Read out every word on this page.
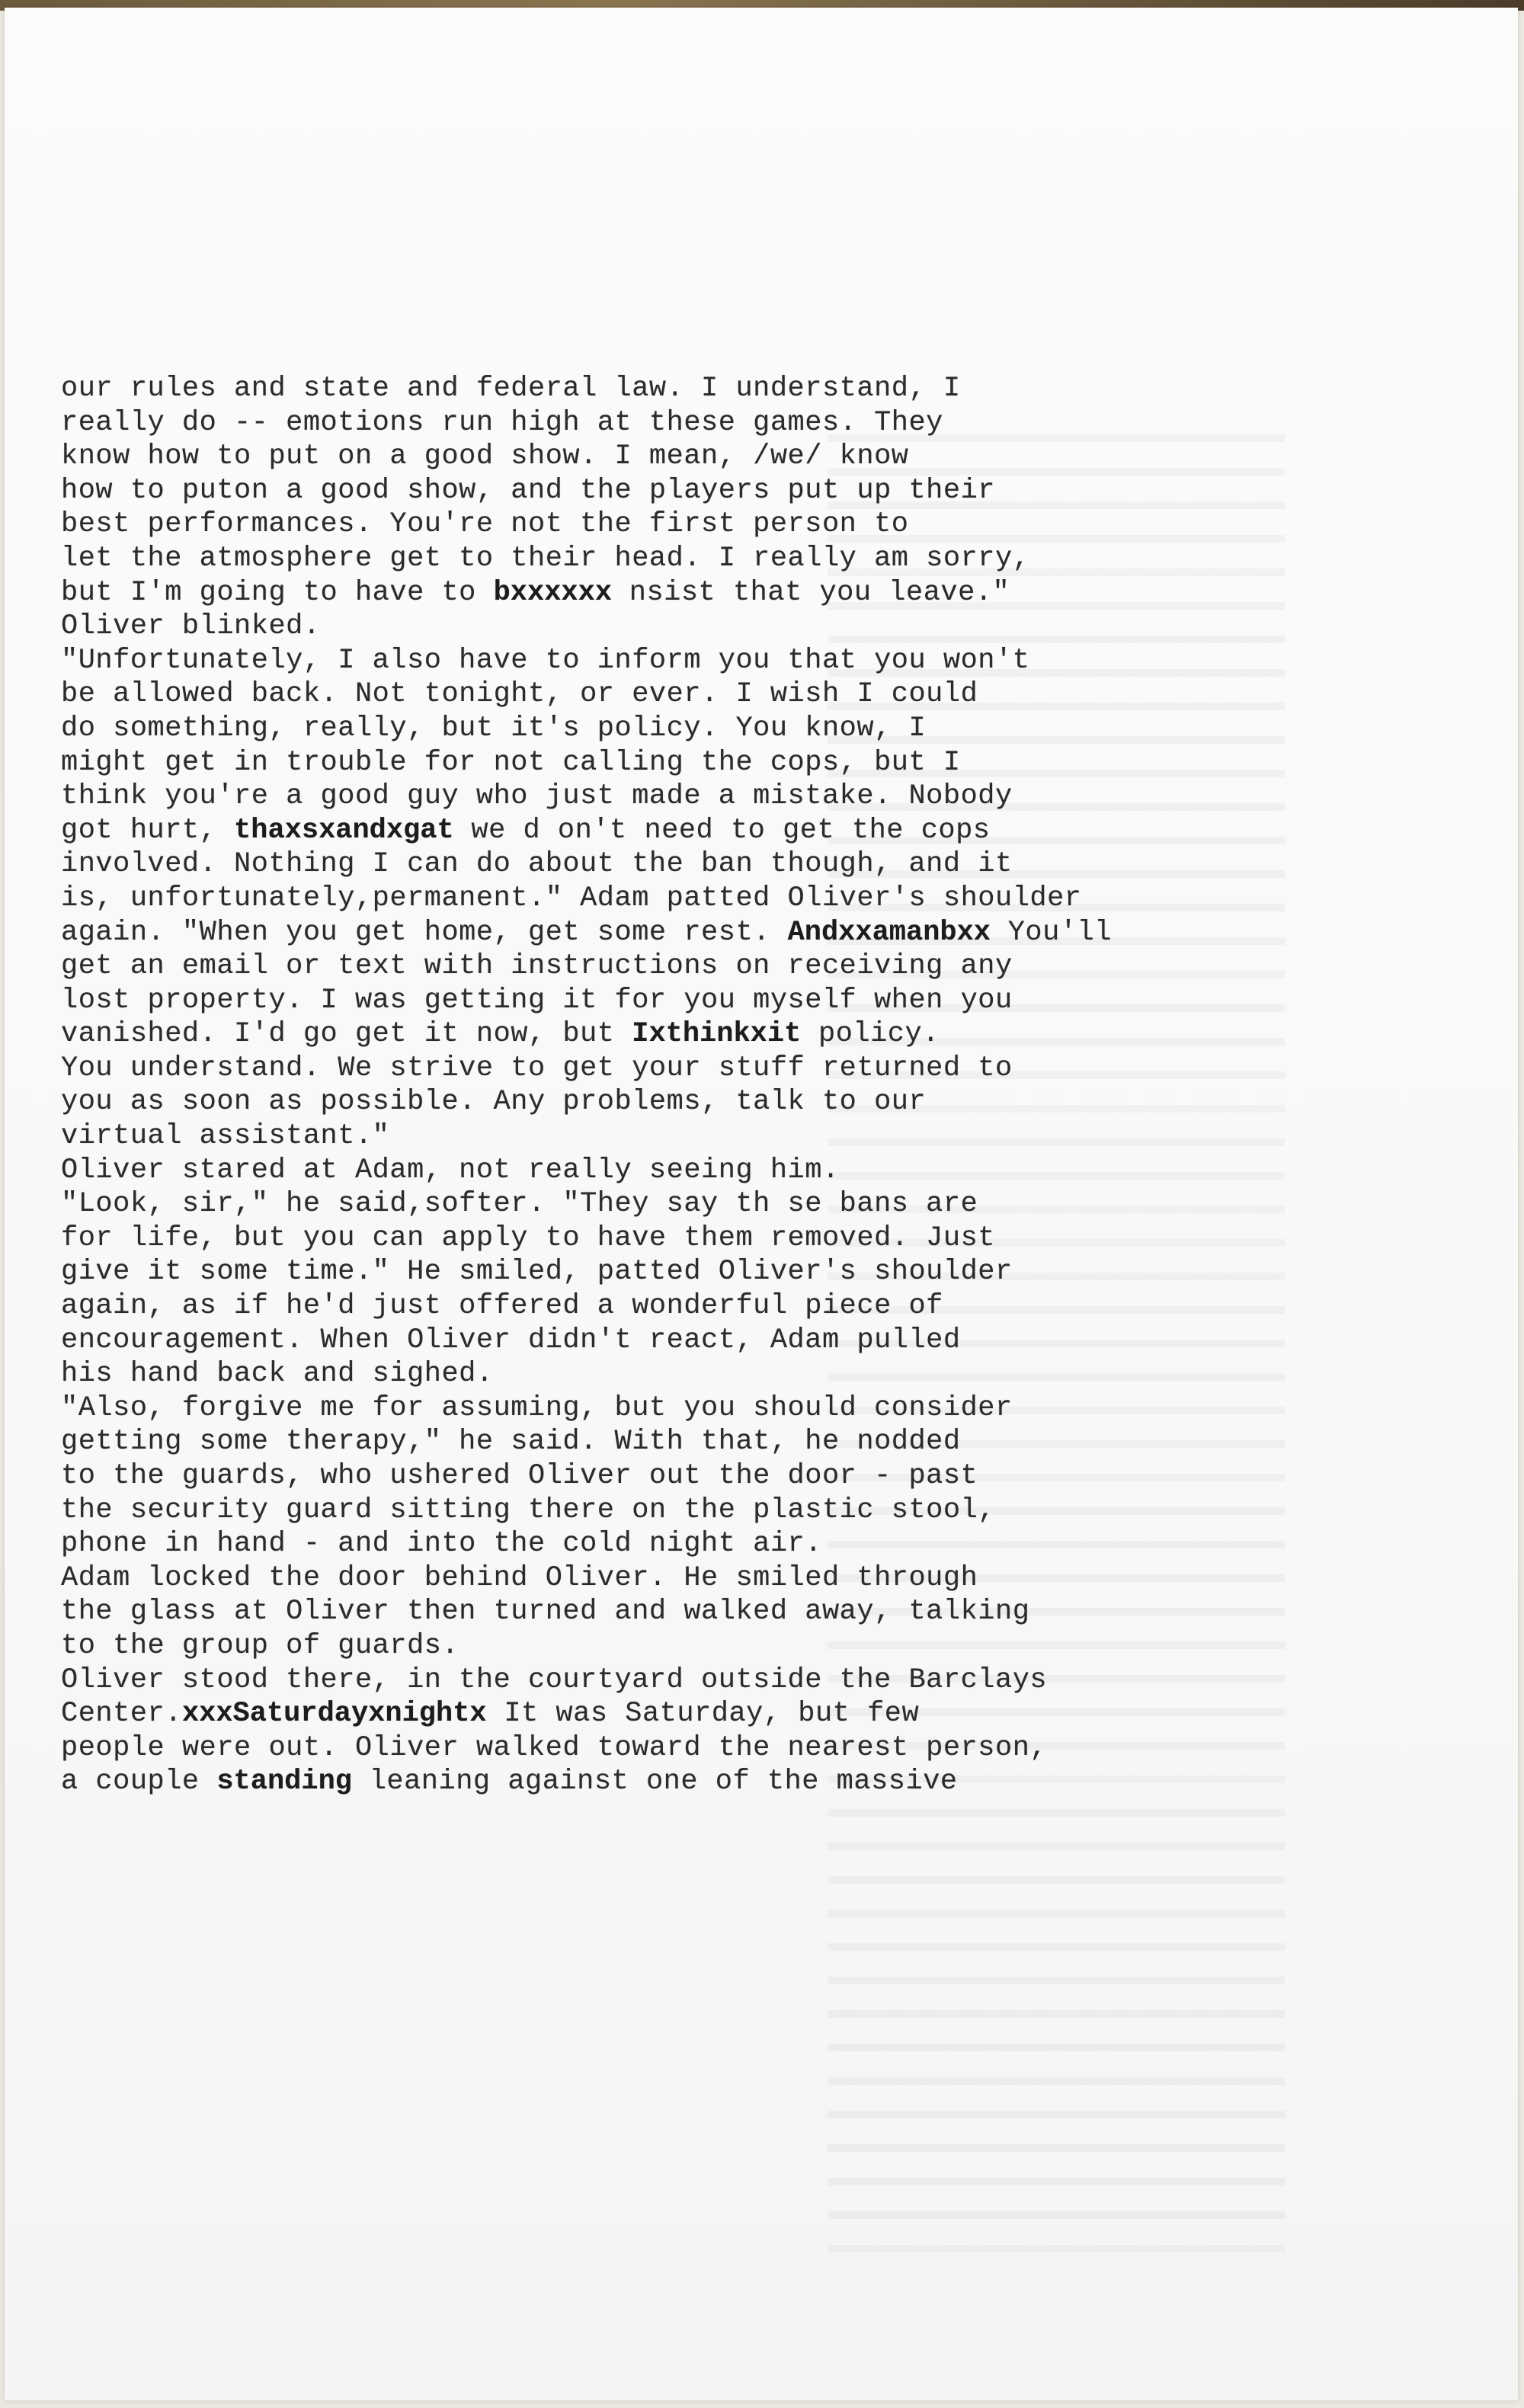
our rules and state and federal law. I understand, I
really do -- emotions run high at these games. They
know how to put on a good show. I mean, /we/ know
how to puton a good show, and the players put up their
best performances. You're not the first person to
let the atmosphere get to their head. I really am sorry,
but I'm going to have to bxxxxxx nsist that you leave."
Oliver blinked.
"Unfortunately, I also have to inform you that you won't
be allowed back. Not tonight, or ever. I wish I could
do something, really, but it's policy. You know, I
might get in trouble for not calling the cops, but I
think you're a good guy who just made a mistake. Nobody
got hurt, thaxsxandxgat we d on't need to get the cops
involved. Nothing I can do about the ban though, and it
is, unfortunately,permanent." Adam patted Oliver's shoulder
again. "When you get home, get some rest. Andxxamanbxx You'll
get an email or text with instructions on receiving any
lost property. I was getting it for you myself when you
vanished. I'd go get it now, but Ixthinkxit policy.
You understand. We strive to get your stuff returned to
you as soon as possible. Any problems, talk to our
virtual assistant."
Oliver stared at Adam, not really seeing him.
"Look, sir," he said,softer. "They say th se bans are
for life, but you can apply to have them removed. Just
give it some time." He smiled, patted Oliver's shoulder
again, as if he'd just offered a wonderful piece of
encouragement. When Oliver didn't react, Adam pulled
his hand back and sighed.
"Also, forgive me for assuming, but you should consider
getting some therapy," he said. With that, he nodded
to the guards, who ushered Oliver out the door - past
the security guard sitting there on the plastic stool,
phone in hand - and into the cold night air.
Adam locked the door behind Oliver. He smiled through
the glass at Oliver then turned and walked away, talking
to the group of guards.
Oliver stood there, in the courtyard outside the Barclays
Center.xxxSaturdayxnightx It was Saturday, but few
people were out. Oliver walked toward the nearest person,
a couple standing leaning against one of the massive
